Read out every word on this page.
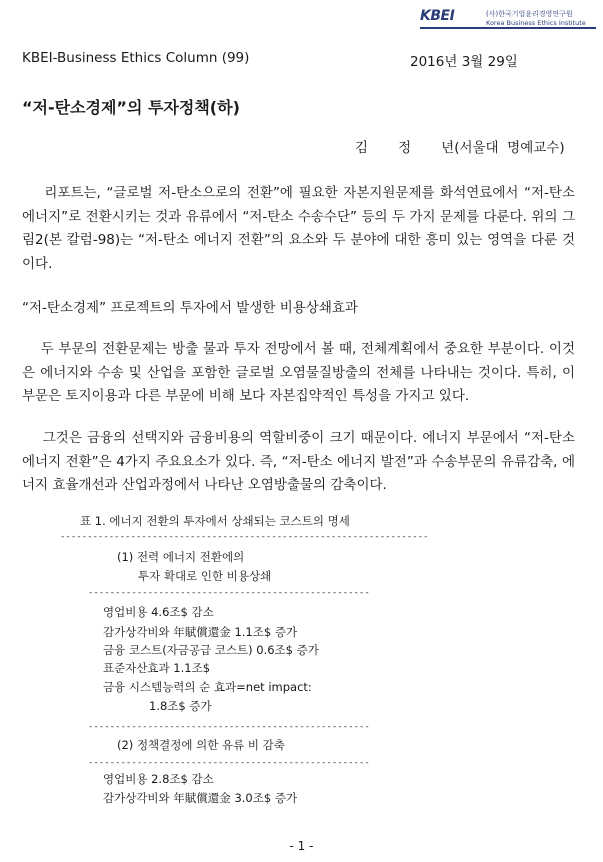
KBEI	(사)한국기업윤리경영연구원
Korea Business Ethics Institute
KBEI-Business Ethics Column (99)	2016년 3월 29일
“저-탄소경제”의 투자정책(하)
김       정       년(서울대  명예교수)
리포트는, “글로벌 저-탄소으로의 전환”에 필요한 자본지원문제를 화석연료에서 “저-탄소 에너지”로 전환시키는 것과 유류에서 “저-탄소 수송수단” 등의 두 가지 문제를 다룬다. 위의 그림2(본 칼럼-98)는 “저-탄소 에너지 전환”의 요소와 두 분야에 대한 흥미 있는 영역을 다룬 것이다.
“저-탄소경제” 프로젝트의 투자에서 발생한 비용상쇄효과
두 부문의 전환문제는 방출 물과 투자 전망에서 볼 때, 전체계획에서 중요한 부분이다. 이것은 에너지와 수송 및 산업을 포함한 글로벌 오염물질방출의 전체를 나타내는 것이다. 특히, 이 부문은 토지이용과 다른 부문에 비해 보다 자본집약적인 특성을 가지고 있다.
그것은 금융의 선택지와 금융비용의 역할비중이 크기 때문이다. 에너지 부문에서 “저-탄소 에너지 전환”은 4가지 주요요소가 있다. 즉, “저-탄소 에너지 발전”과 수송부문의 유류감축, 에너지 효율개선과 산업과정에서 나타난 오염방출물의 감축이다.
표 1. 에너지 전환의 투자에서 상쇄되는 코스트의 명세
--------------------------------------------------------------------
(1) 전력 에너지 전환에의
투자 확대로 인한 비용상쇄
----------------------------------------------------
영업비용 4.6조$ 감소
감가상각비와 年賦償還金 1.1조$ 증가
금융 코스트(자금공급 코스트) 0.6조$ 증가
표준자산효과 1.1조$
금융 시스템능력의 순 효과=net impact:
1.8조$ 증가
----------------------------------------------------
(2) 정책결정에 의한 유류 비 감축
----------------------------------------------------
영업비용 2.8조$ 감소
감가상각비와 年賦償還金 3.0조$ 증가
- 1 -
